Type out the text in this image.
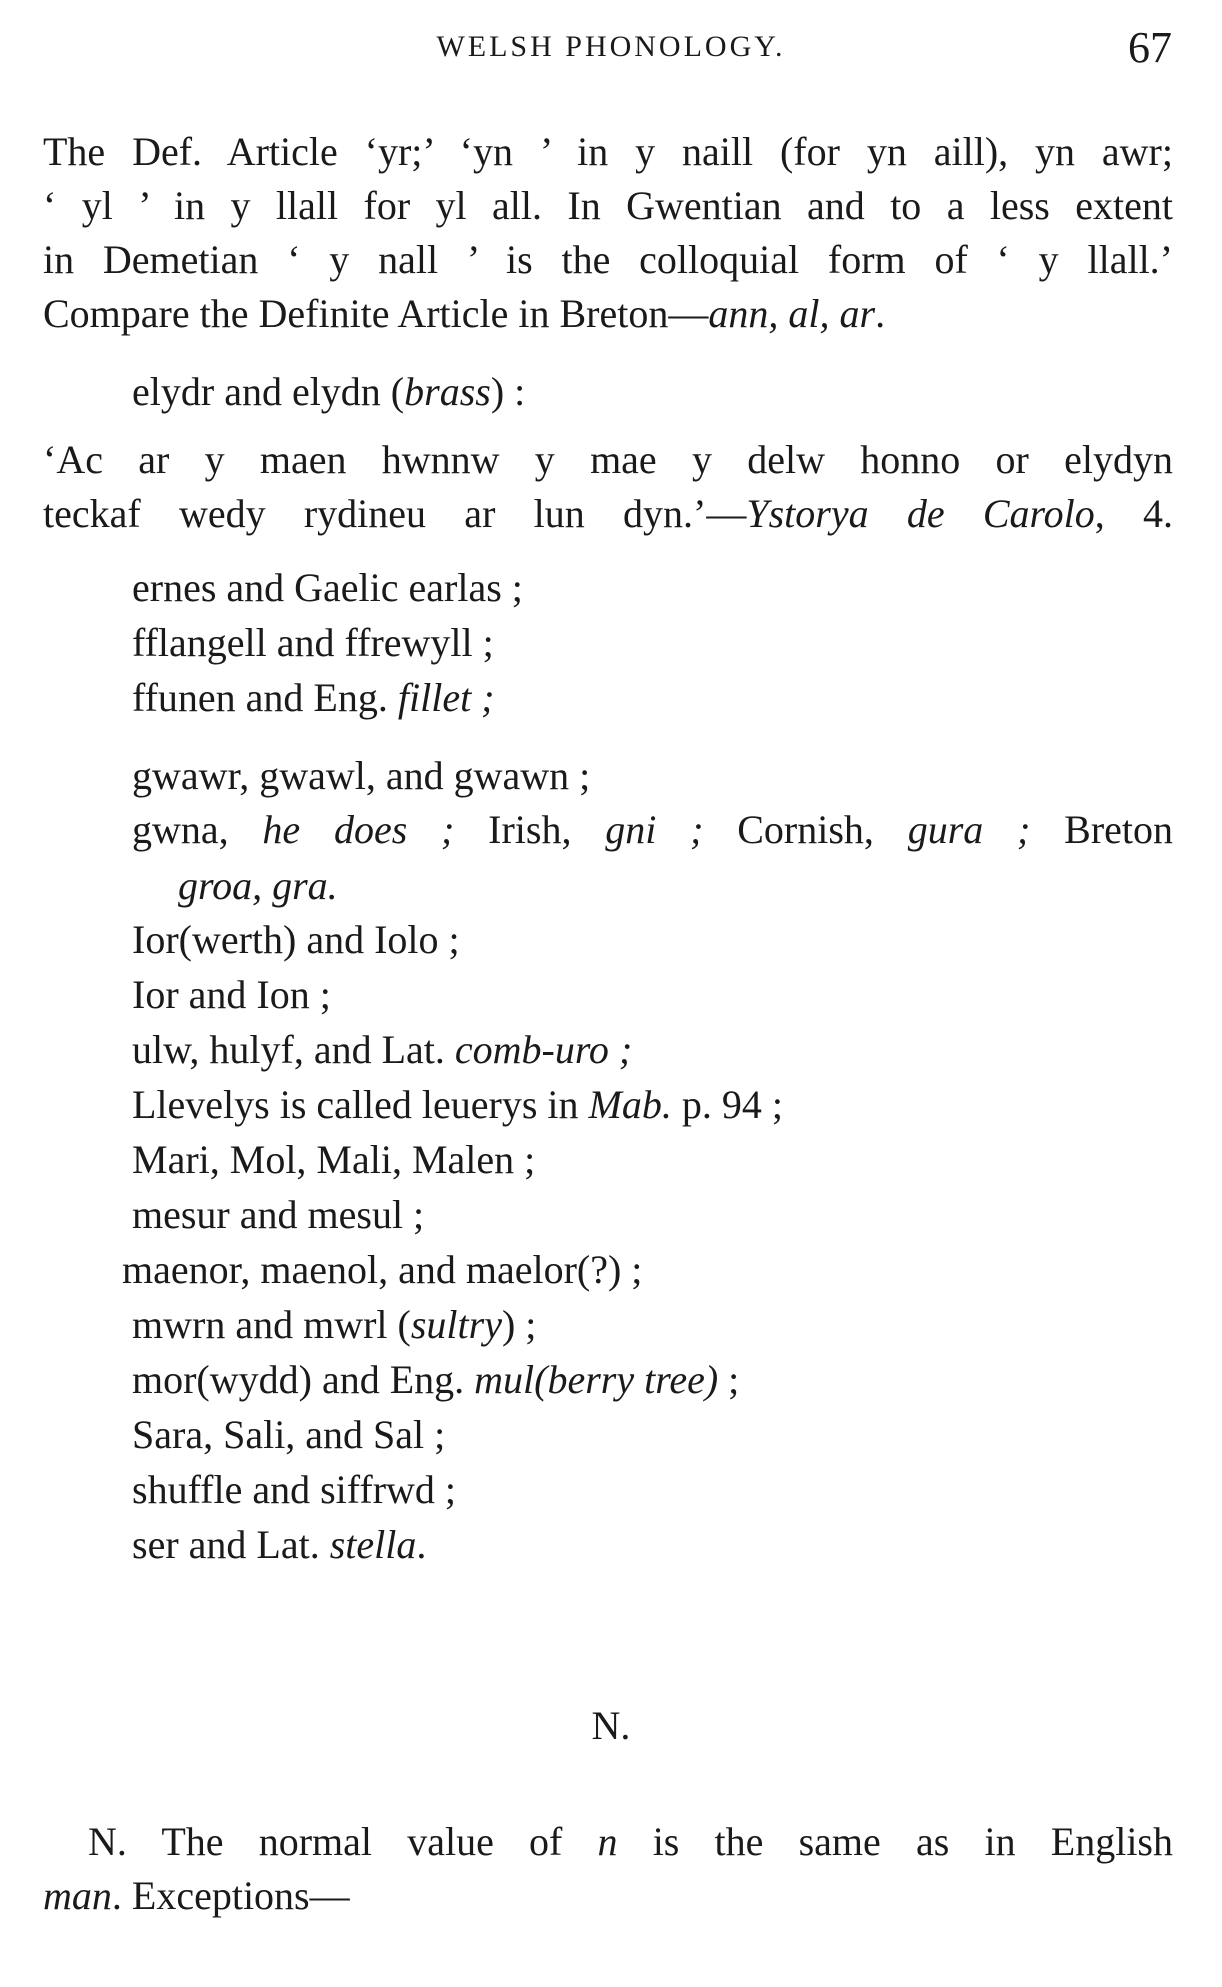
WELSH PHONOLOGY.	67
The Def. Article ‘yr;’ ‘yn ’ in y naill (for yn aill), yn awr;
‘ yl ’ in y llall for yl all. In Gwentian and to a less extent
in Demetian ‘ y nall ’ is the colloquial form of ‘ y llall.’
Compare the Definite Article in Breton—ann, al, ar.
elydr and elydn (brass) :
‘Ac ar y maen hwnnw y mae y delw honno or elydyn
teckaf wedy rydineu ar lun dyn.’—Ystorya de Carolo, 4.
ernes and Gaelic earlas ;
fflangell and ffrewyll ;
ffunen and Eng. fillet ;
gwawr, gwawl, and gwawn ;
gwna, he does ; Irish, gni ; Cornish, gura ; Breton
groa, gra.
Ior(werth) and Iolo ;
Ior and Ion ;
ulw, hulyf, and Lat. comb-uro ;
Llevelys is called leuerys in Mab. p. 94 ;
Mari, Mol, Mali, Malen ;
mesur and mesul ;
maenor, maenol, and maelor(?) ;
mwrn and mwrl (sultry) ;
mor(wydd) and Eng. mul(berry tree) ;
Sara, Sali, and Sal ;
shuffle and siffrwd ;
ser and Lat. stella.
N.
N. The normal value of n is the same as in English
man. Exceptions—
